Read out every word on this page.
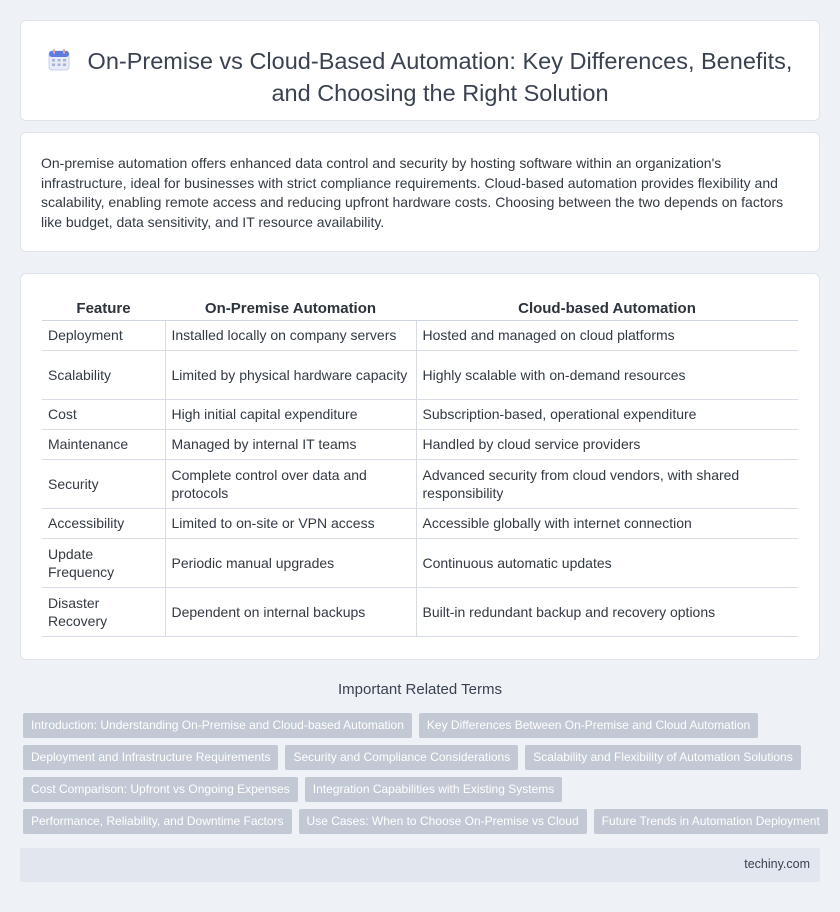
On-Premise vs Cloud-Based Automation: Key Differences, Benefits, and Choosing the Right Solution

On-premise automation offers enhanced data control and security by hosting software within an organization's infrastructure, ideal for businesses with strict compliance requirements. Cloud-based automation provides flexibility and scalability, enabling remote access and reducing upfront hardware costs. Choosing between the two depends on factors like budget, data sensitivity, and IT resource availability.

Feature	On-Premise Automation	Cloud-based Automation
Deployment	Installed locally on company servers	Hosted and managed on cloud platforms
Scalability	Limited by physical hardware capacity	Highly scalable with on-demand resources
Cost	High initial capital expenditure	Subscription-based, operational expenditure
Maintenance	Managed by internal IT teams	Handled by cloud service providers
Security	Complete control over data and protocols	Advanced security from cloud vendors, with shared responsibility
Accessibility	Limited to on-site or VPN access	Accessible globally with internet connection
Update Frequency	Periodic manual upgrades	Continuous automatic updates
Disaster Recovery	Dependent on internal backups	Built-in redundant backup and recovery options
Important Related Terms
Introduction: Understanding On-Premise and Cloud-based Automation	Key Differences Between On-Premise and Cloud Automation
Deployment and Infrastructure Requirements	Security and Compliance Considerations	Scalability and Flexibility of Automation Solutions
Cost Comparison: Upfront vs Ongoing Expenses	Integration Capabilities with Existing Systems
Performance, Reliability, and Downtime Factors	Use Cases: When to Choose On-Premise vs Cloud	Future Trends in Automation Deployment
techiny.com
